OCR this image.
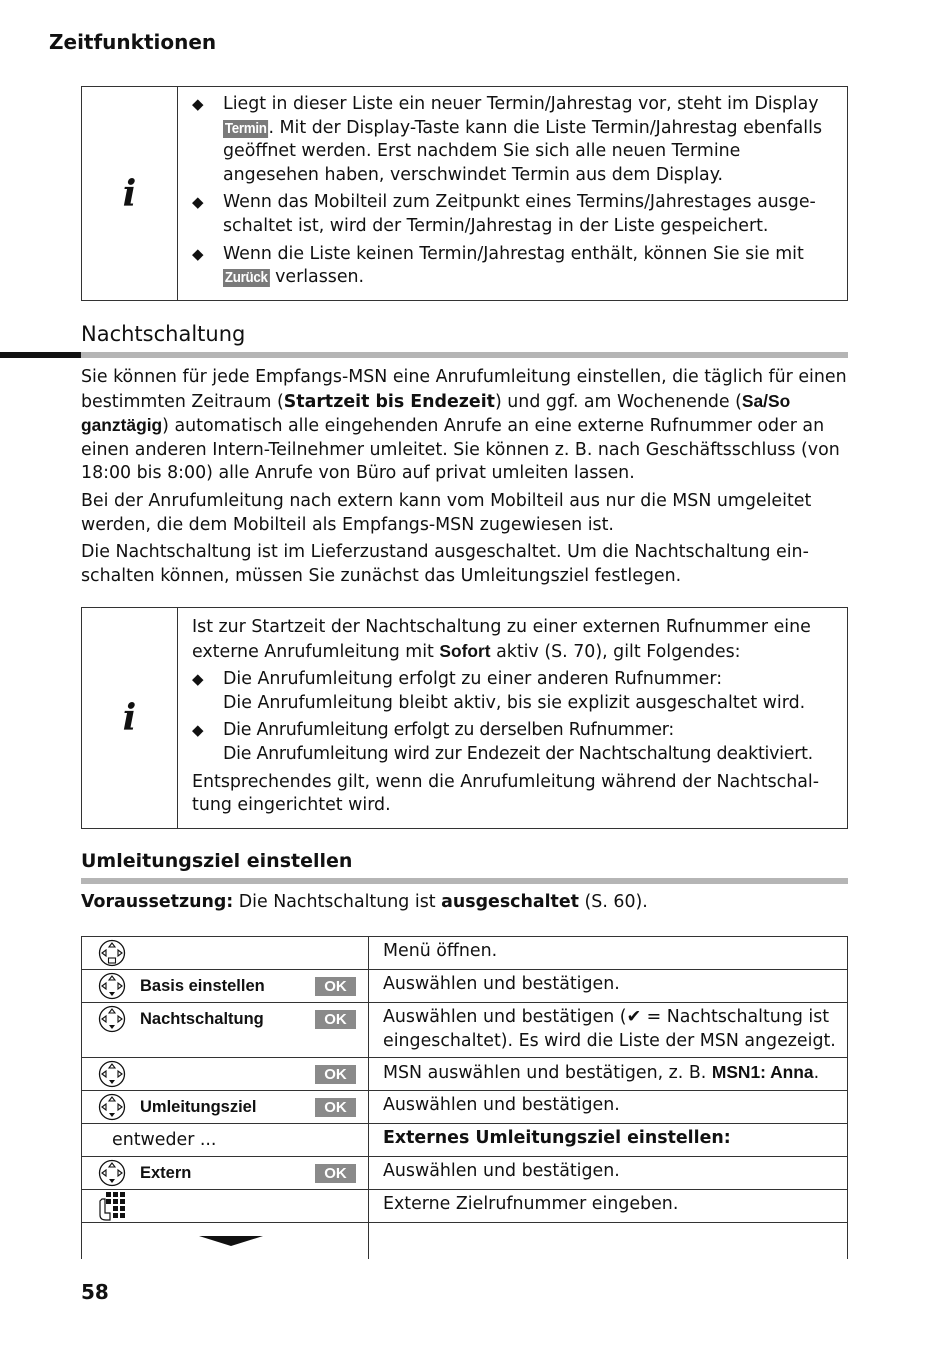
Zeitfunktionen
i
◆	Liegt in dieser Liste ein neuer Termin/Jahrestag vor, steht im Display Termin . Mit der Display-Taste kann die Liste Termin/Jahrestag ebenfalls geöffnet werden. Erst nachdem Sie sich alle neuen Termine angesehen haben, verschwindet Termin aus dem Display.
◆	Wenn das Mobilteil zum Zeitpunkt eines Termins/Jahrestages ausge-schaltet ist, wird der Termin/Jahrestag in der Liste gespeichert.
◆	Wenn die Liste keinen Termin/Jahrestag enthält, können Sie sie mit Zurück verlassen.
Nachtschaltung

Sie können für jede Empfangs-MSN eine Anrufumleitung einstellen, die täglich für einen bestimmten Zeitraum (Startzeit bis Endezeit) und ggf. am Wochenende (Sa/So ganztägig) automatisch alle eingehenden Anrufe an eine externe Rufnummer oder an einen anderen Intern-Teilnehmer umleitet. Sie können z. B. nach Geschäftsschluss (von 18:00 bis 8:00) alle Anrufe von Büro auf privat umleiten lassen.

Bei der Anrufumleitung nach extern kann vom Mobilteil aus nur die MSN umgeleitet werden, die dem Mobilteil als Empfangs-MSN zugewiesen ist.

Die Nachtschaltung ist im Lieferzustand ausgeschaltet. Um die Nachtschaltung ein-schalten können, müssen Sie zunächst das Umleitungsziel festlegen.

i
Ist zur Startzeit der Nachtschaltung zu einer externen Rufnummer eine externe Anrufumleitung mit Sofort aktiv (S. 70), gilt Folgendes:
◆	Die Anrufumleitung erfolgt zu einer anderen Rufnummer:
Die Anrufumleitung bleibt aktiv, bis sie explizit ausgeschaltet wird.
◆	Die Anrufumleitung erfolgt zu derselben Rufnummer:
Die Anrufumleitung wird zur Endezeit der Nachtschaltung deaktiviert.
Entsprechendes gilt, wenn die Anrufumleitung während der Nachtschal-tung eingerichtet wird.
Umleitungsziel einstellen
Voraussetzung: Die Nachtschaltung ist ausgeschaltet (S. 60).
	Menü öffnen.

Basis einstellen OK	Auswählen und bestätigen.

Nachtschaltung OK	Auswählen und bestätigen (✔ = Nachtschaltung ist eingeschaltet). Es wird die Liste der MSN angezeigt.

OK	MSN auswählen und bestätigen, z. B. MSN1: Anna.

Umleitungsziel OK	Auswählen und bestätigen.

entweder ...	Externes Umleitungsziel einstellen:

Extern OK	Auswählen und bestätigen.

	Externe Zielrufnummer eingeben.

58
